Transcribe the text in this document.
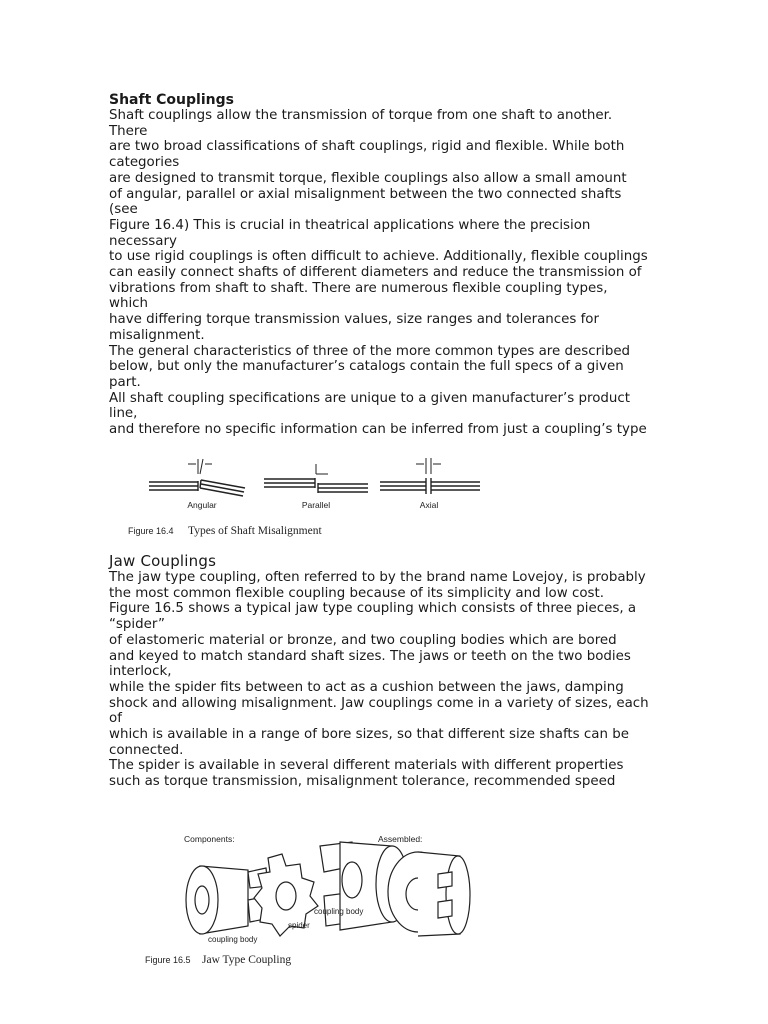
Shaft Couplings
Shaft couplings allow the transmission of torque from one shaft to another.
There
are two broad classifications of shaft couplings, rigid and flexible. While both
categories
are designed to transmit torque, flexible couplings also allow a small amount
of angular, parallel or axial misalignment between the two connected shafts
(see
Figure 16.4) This is crucial in theatrical applications where the precision
necessary
to use rigid couplings is often difficult to achieve. Additionally, flexible couplings
can easily connect shafts of different diameters and reduce the transmission of
vibrations from shaft to shaft. There are numerous flexible coupling types,
which
have differing torque transmission values, size ranges and tolerances for
misalignment.
The general characteristics of three of the more common types are described
below, but only the manufacturer’s catalogs contain the full specs of a given
part.
All shaft coupling specifications are unique to a given manufacturer’s product
line,
and therefore no specific information can be inferred from just a coupling’s type
Angular	Parallel	Axial
Figure 16.4 Types of Shaft Misalignment
Jaw Couplings
The jaw type coupling, often referred to by the brand name Lovejoy, is probably
the most common flexible coupling because of its simplicity and low cost.
Figure 16.5 shows a typical jaw type coupling which consists of three pieces, a
“spider”
of elastomeric material or bronze, and two coupling bodies which are bored
and keyed to match standard shaft sizes. The jaws or teeth on the two bodies
interlock,
while the spider fits between to act as a cushion between the jaws, damping
shock and allowing misalignment. Jaw couplings come in a variety of sizes, each
of
which is available in a range of bore sizes, so that different size shafts can be
connected.
The spider is available in several different materials with different properties
such as torque transmission, misalignment tolerance, recommended speed
Components:	Assembled:
coupling body
spider
coupling body
Figure 16.5 Jaw Type Coupling
